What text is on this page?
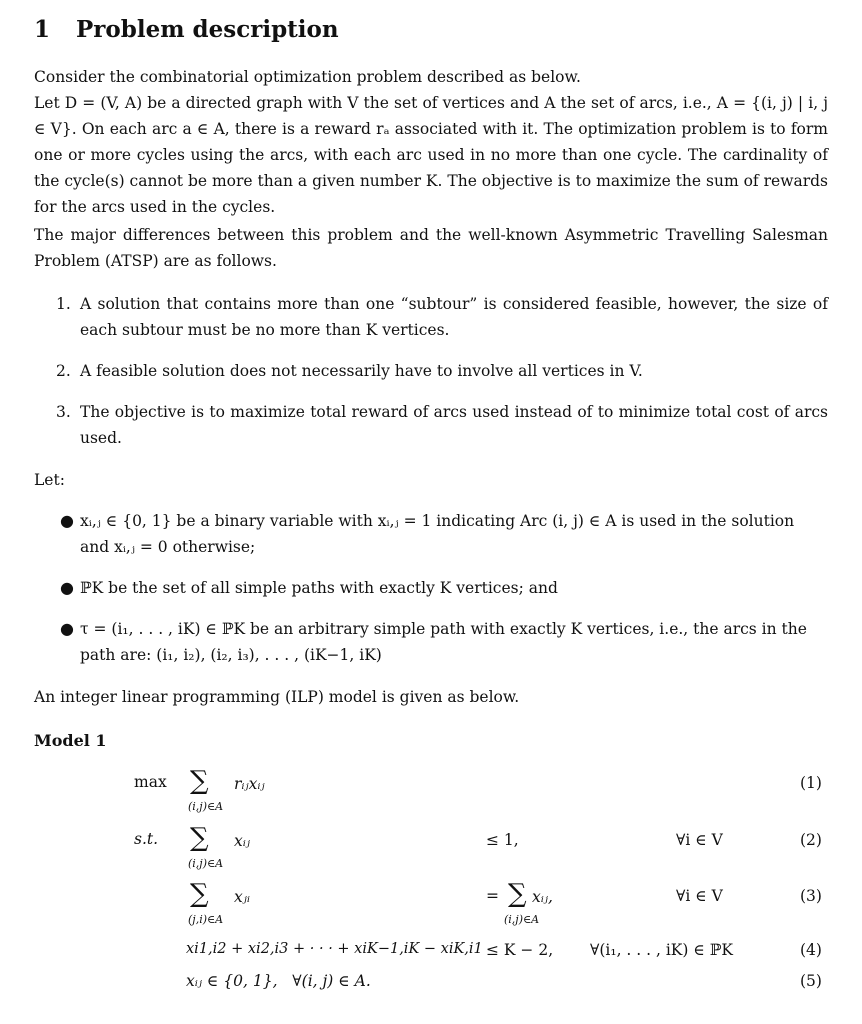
1 Problem description

Consider the combinatorial optimization problem described as below.

Let D = (V, A) be a directed graph with V the set of vertices and A the set of arcs, i.e., A = {(i, j) | i, j ∈ V}. On each arc a ∈ A, there is a reward rₐ associated with it. The optimization problem is to form one or more cycles using the arcs, with each arc used in no more than one cycle. The cardinality of the cycle(s) cannot be more than a given number K. The objective is to maximize the sum of rewards for the arcs used in the cycles.

The major differences between this problem and the well-known Asymmetric Travelling Salesman Problem (ATSP) are as follows.

1. A solution that contains more than one “subtour” is considered feasible, however, the size of each subtour must be no more than K vertices.
2. A feasible solution does not necessarily have to involve all vertices in V.
3. The objective is to maximize total reward of arcs used instead of to minimize total cost of arcs used.

Let:

● xᵢ,ⱼ ∈ {0, 1} be a binary variable with xᵢ,ⱼ = 1 indicating Arc (i, j) ∈ A is used in the solution and xᵢ,ⱼ = 0 otherwise;
● ℙK be the set of all simple paths with exactly K vertices; and
● τ = (i₁, . . . , iK) ∈ ℙK be an arbitrary simple path with exactly K vertices, i.e., the arcs in the path are: (i₁, i₂), (i₂, i₃), . . . , (iK−1, iK)

An integer linear programming (ILP) model is given as below.

Model 1
max ∑ rᵢⱼxᵢⱼ
(i,j)∈A
(1)
s.t. ∑ xᵢⱼ
(i,j)∈A
≤ 1,	∀i ∈ V	(2)
∑ xⱼᵢ
(j,i)∈A
= ∑ xᵢⱼ,
(i,j)∈A
∀i ∈ V	(3)
xi1,i2 + xi2,i3 + · · · + xiK−1,iK − xiK,i1 ≤ K − 2, ∀(i₁, . . . , iK) ∈ ℙK	(4)
xᵢⱼ ∈ {0, 1},   ∀(i, j) ∈ A.	(5)
